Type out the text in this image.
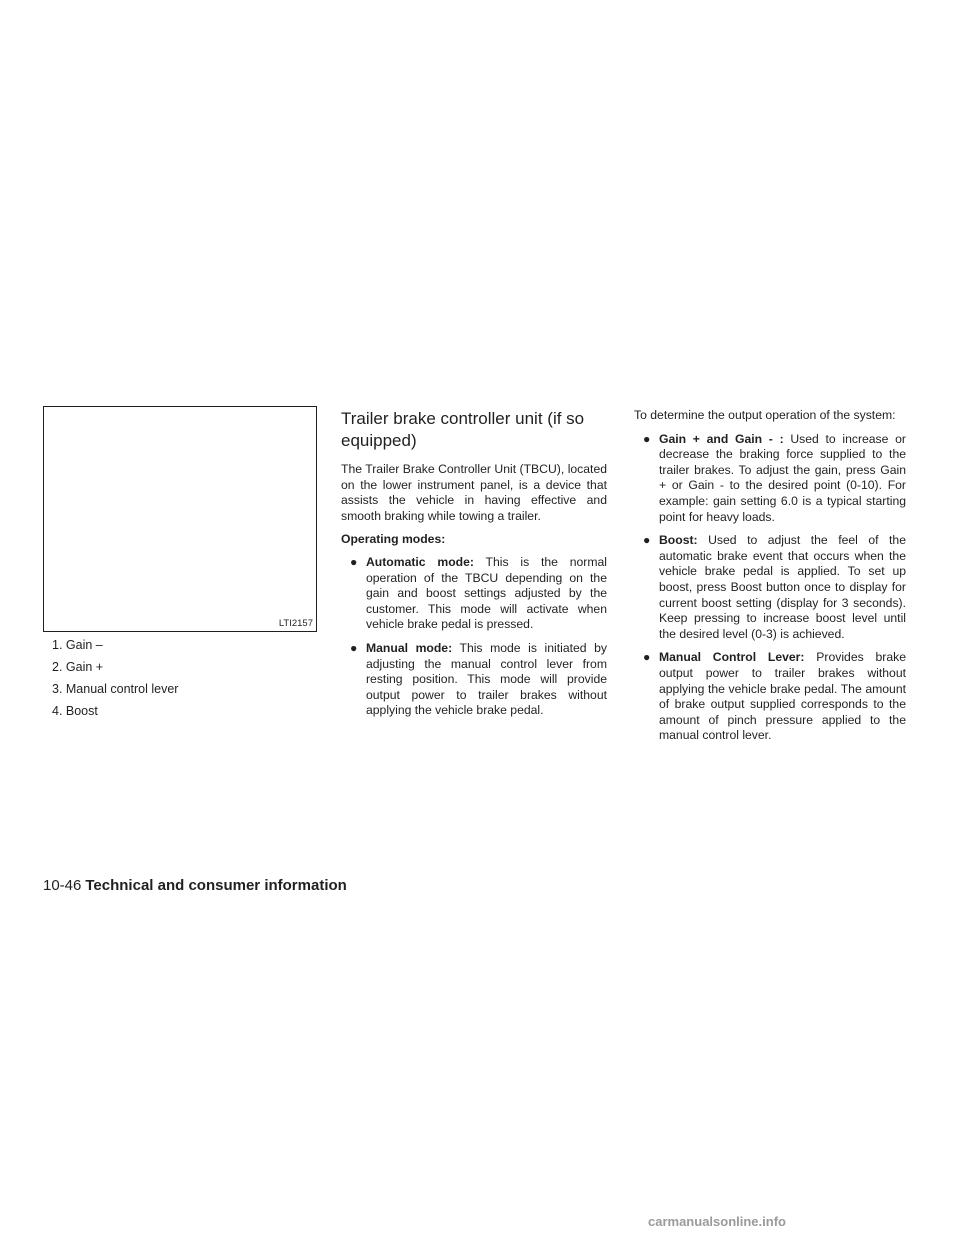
LTI2157
1. Gain –
2. Gain +
3. Manual control lever
4. Boost
Trailer brake controller unit (if so equipped)

The Trailer Brake Controller Unit (TBCU), located on the lower instrument panel, is a device that assists the vehicle in having effective and smooth braking while towing a trailer.

Operating modes:

● Automatic mode: This is the normal operation of the TBCU depending on the gain and boost settings adjusted by the customer. This mode will activate when vehicle brake pedal is pressed.
● Manual mode: This mode is initiated by adjusting the manual control lever from resting position. This mode will provide output power to trailer brakes without applying the vehicle brake pedal.

To determine the output operation of the system:

● Gain + and Gain - : Used to increase or decrease the braking force supplied to the trailer brakes. To adjust the gain, press Gain + or Gain - to the desired point (0-10). For example: gain setting 6.0 is a typical starting point for heavy loads.
● Boost: Used to adjust the feel of the automatic brake event that occurs when the vehicle brake pedal is applied. To set up boost, press Boost button once to display for current boost setting (display for 3 seconds). Keep pressing to increase boost level until the desired level (0-3) is achieved.
● Manual Control Lever: Provides brake output power to trailer brakes without applying the vehicle brake pedal. The amount of brake output supplied corresponds to the amount of pinch pressure applied to the manual control lever.
10-46 Technical and consumer information
carmanualsonline.info
